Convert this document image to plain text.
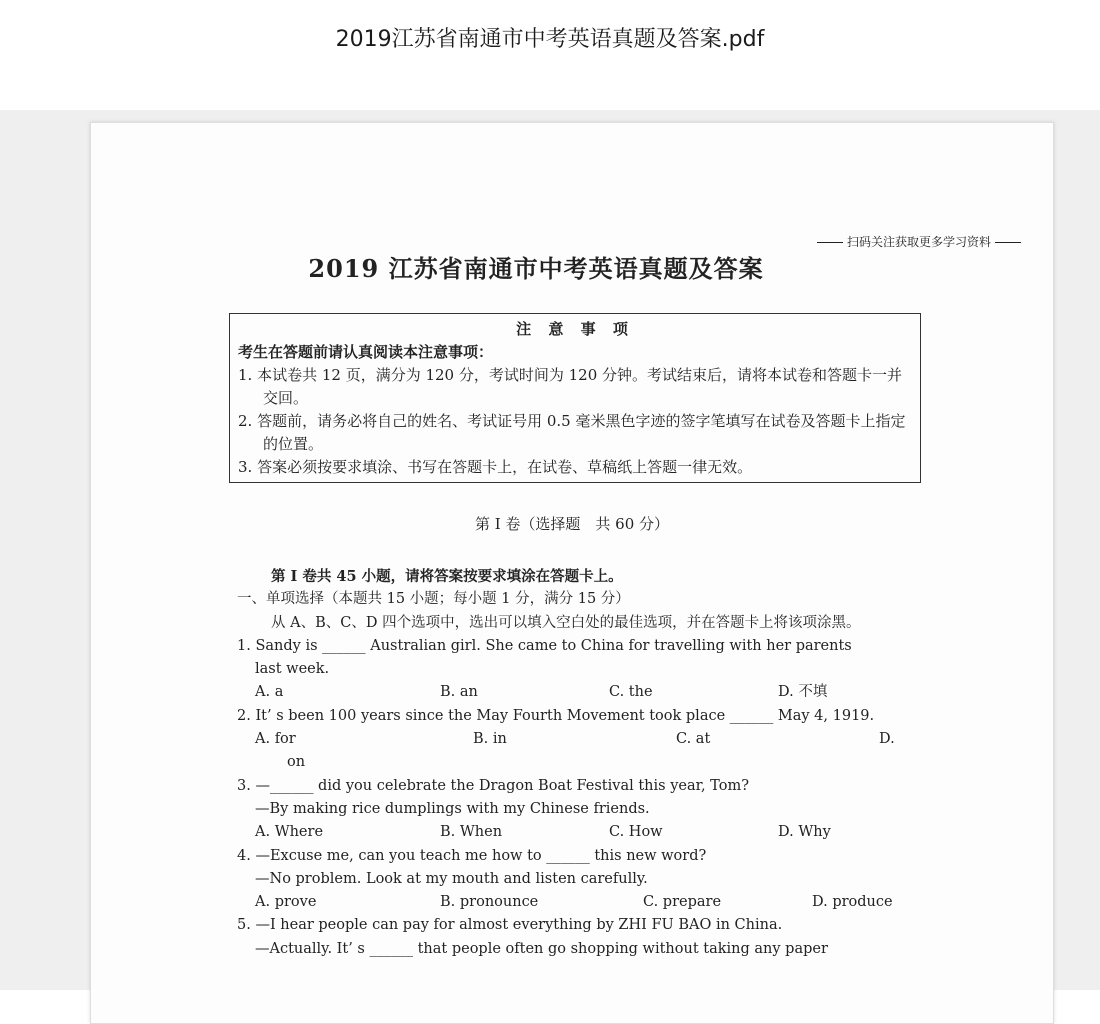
2019江苏省南通市中考英语真题及答案.pdf
扫码关注获取更多学习资料
2019 江苏省南通市中考英语真题及答案
注 意 事 项
考生在答题前请认真阅读本注意事项：
1. 本试卷共 12 页，满分为 120 分，考试时间为 120 分钟。考试结束后，请将本试卷和答题卡一并交回。
2. 答题前，请务必将自己的姓名、考试证号用 0.5 毫米黑色字迹的签字笔填写在试卷及答题卡上指定的位置。
3. 答案必须按要求填涂、书写在答题卡上，在试卷、草稿纸上答题一律无效。
第 I 卷（选择题　共 60 分）
第 I 卷共 45 小题，请将答案按要求填涂在答题卡上。
一、单项选择（本题共 15 小题；每小题 1 分，满分 15 分）
从 A、B、C、D 四个选项中，选出可以填入空白处的最佳选项，并在答题卡上将该项涂黑。
1. Sandy is ______ Australian girl. She came to China for travelling with her parents
last week.
A. a	B. an	C. the	D. 不填
2. It’ s been 100 years since the May Fourth Movement took place ______ May 4, 1919.
A. for	B. in	C. at	D.
on
3. —______ did you celebrate the Dragon Boat Festival this year, Tom?
—By making rice dumplings with my Chinese friends.
A. Where	B. When	C. How	D. Why
4. —Excuse me, can you teach me how to ______ this new word?
—No problem. Look at my mouth and listen carefully.
A. prove	B. pronounce	C. prepare	D. produce
5. —I hear people can pay for almost everything by ZHI FU BAO in China.
—Actually. It’ s ______ that people often go shopping without taking any paper
